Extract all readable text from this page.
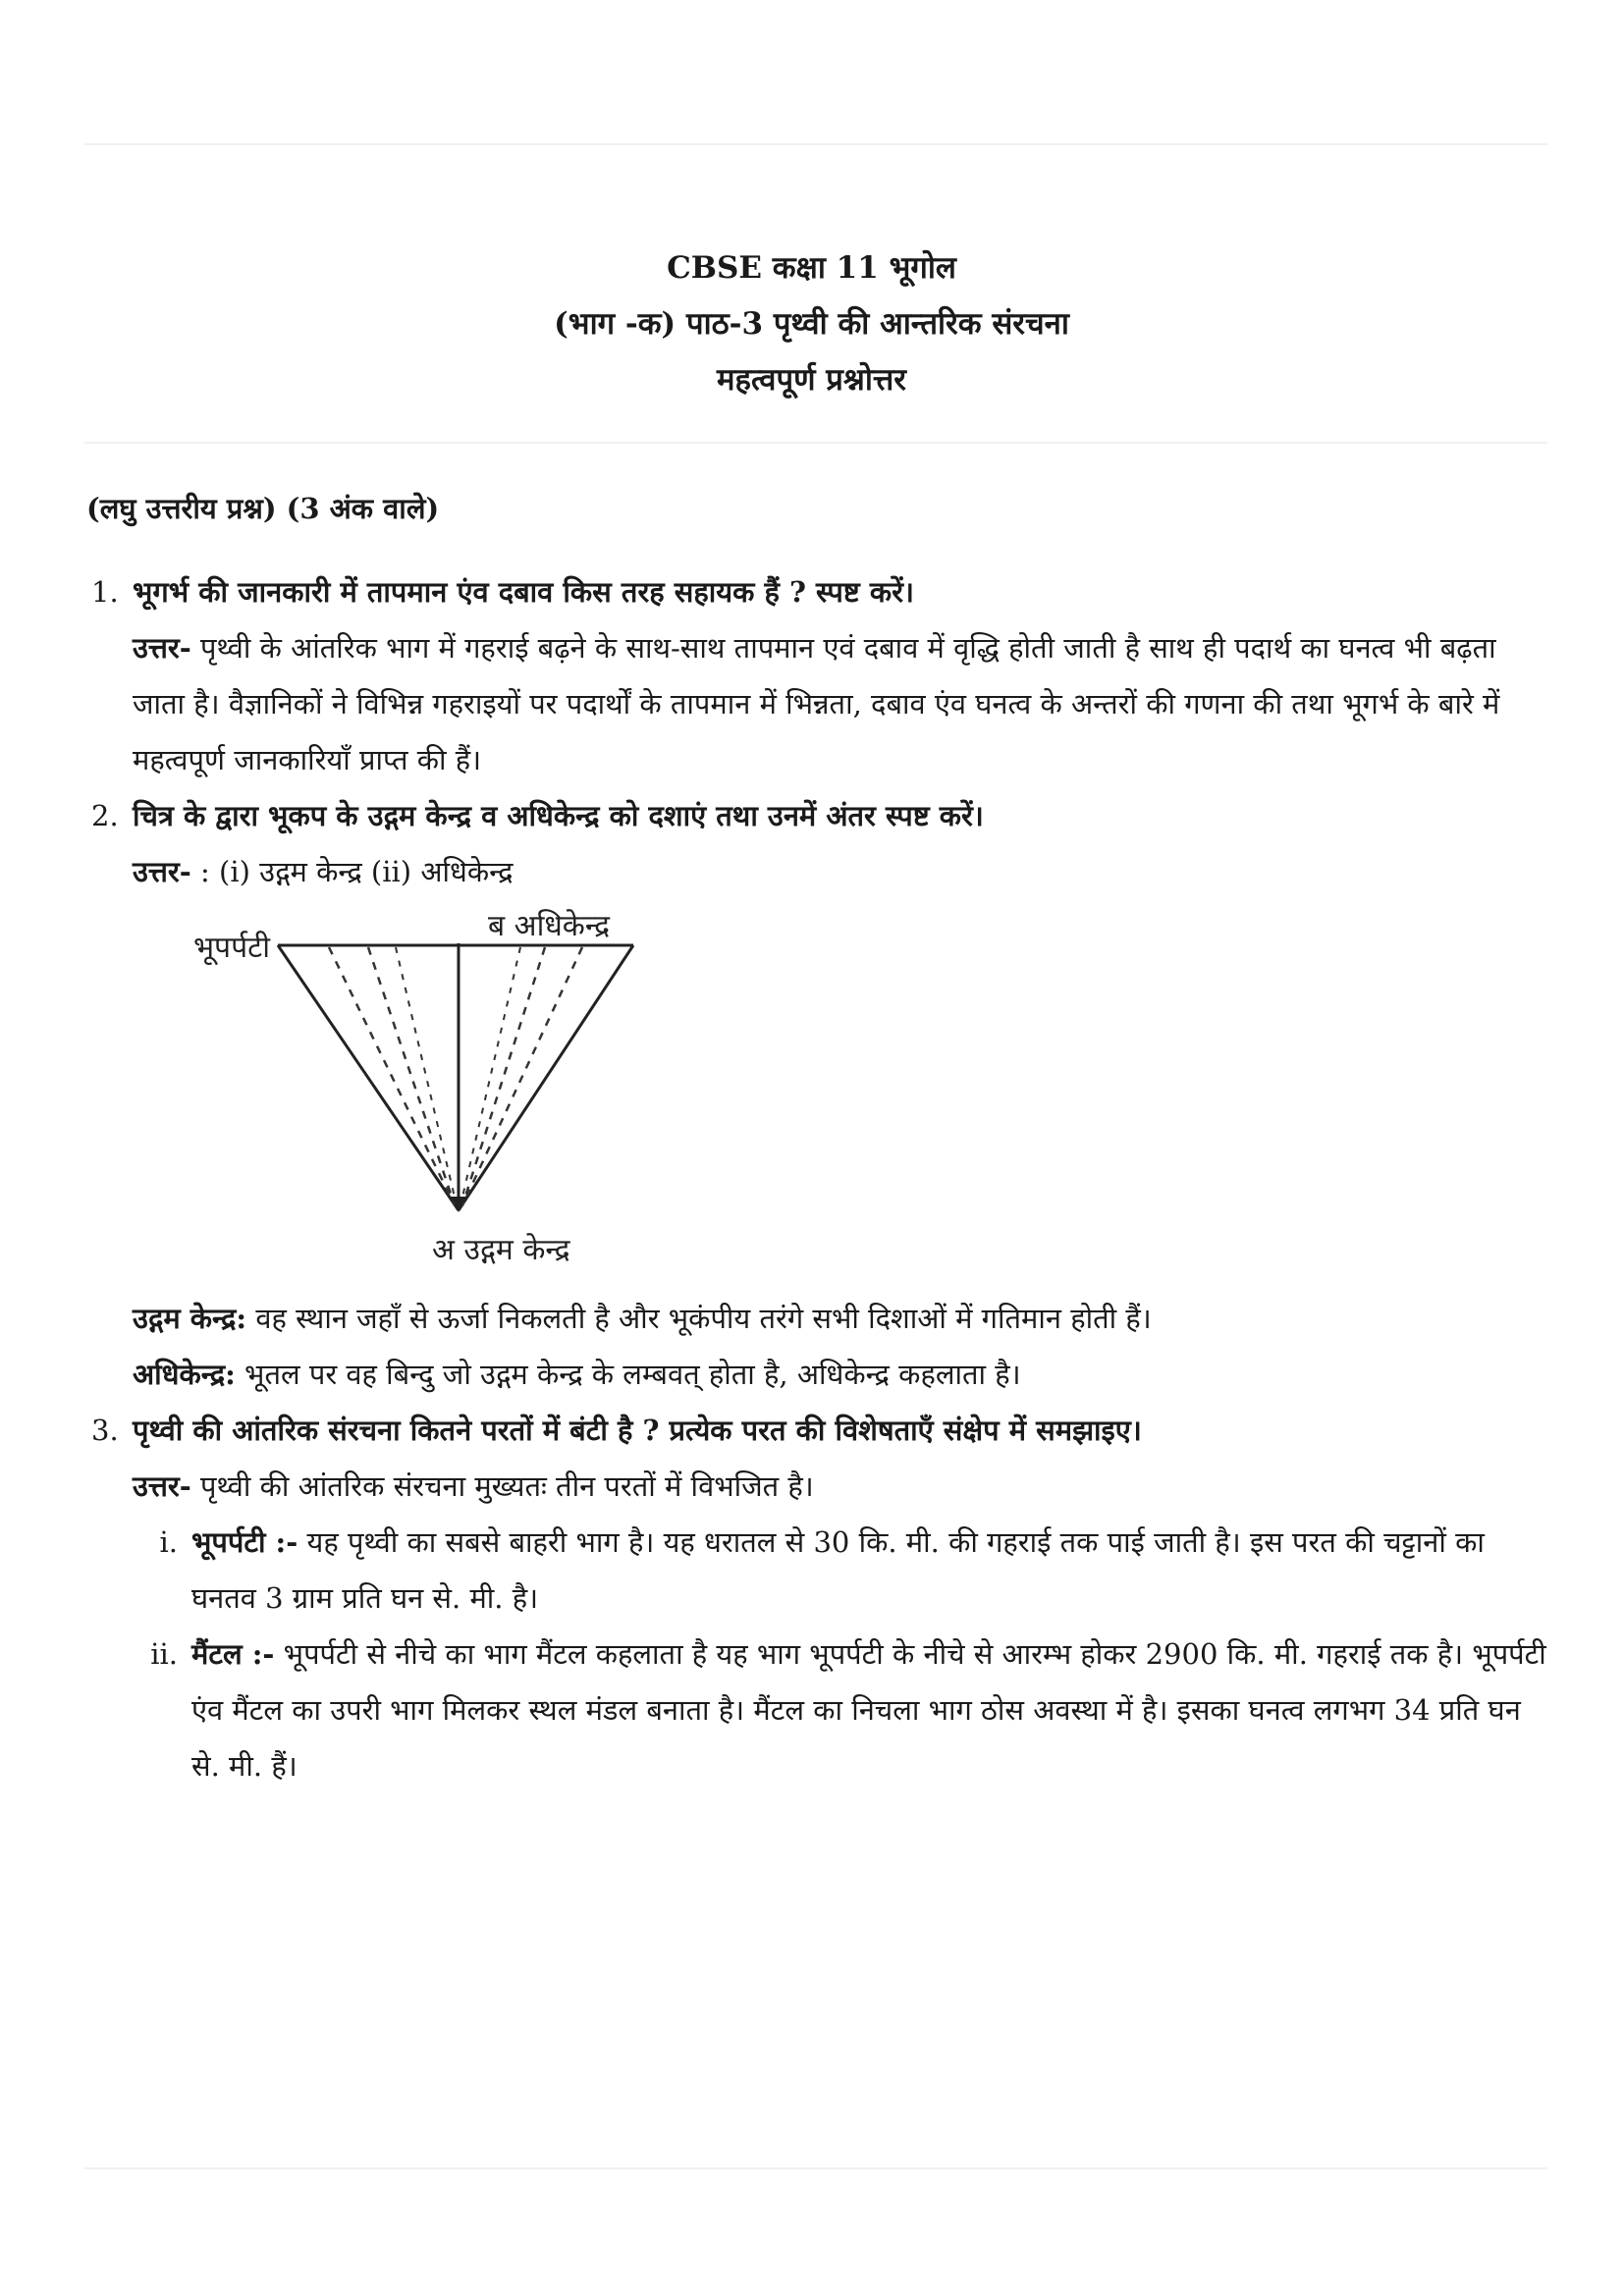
CBSE कक्षा 11 भूगोल
(भाग -क) पाठ-3 पृथ्वी की आन्तरिक संरचना
महत्वपूर्ण प्रश्नोत्तर
(लघु उत्तरीय प्रश्न) (3 अंक वाले)
1. भूगर्भ की जानकारी में तापमान एंव दबाव किस तरह सहायक हैं ? स्पष्ट करें।
उत्तर- पृथ्वी के आंतरिक भाग में गहराई बढ़ने के साथ-साथ तापमान एवं दबाव में वृद्धि होती जाती है साथ ही पदार्थ का घनत्व भी बढ़ता जाता है। वैज्ञानिकों ने विभिन्न गहराइयों पर पदार्थों के तापमान में भिन्नता, दबाव एंव घनत्व के अन्तरों की गणना की तथा भूगर्भ के बारे में महत्वपूर्ण जानकारियाँ प्राप्त की हैं।
2. चित्र के द्वारा भूकप के उद्गम केन्द्र व अधिकेन्द्र को दशाएं तथा उनमें अंतर स्पष्ट करें।
उत्तर- : (i) उद्गम केन्द्र (ii) अधिकेन्द्र
भूपर्पटी
ब अधिकेन्द्र
अ उद्गम केन्द्र
उद्गम केन्द्र: वह स्थान जहाँ से ऊर्जा निकलती है और भूकंपीय तरंगे सभी दिशाओं में गतिमान होती हैं।
अधिकेन्द्र: भूतल पर वह बिन्दु जो उद्गम केन्द्र के लम्बवत् होता है, अधिकेन्द्र कहलाता है।
3. पृथ्वी की आंतरिक संरचना कितने परतों में बंटी है ? प्रत्येक परत की विशेषताएँ संक्षेप में समझाइए।
उत्तर- पृथ्वी की आंतरिक संरचना मुख्यतः तीन परतों में विभजित है।
i. भूपर्पटी :- यह पृथ्वी का सबसे बाहरी भाग है। यह धरातल से 30 कि. मी. की गहराई तक पाई जाती है। इस परत की चट्टानों का घनतव 3 ग्राम प्रति घन से. मी. है।
ii. मैंटल :- भूपर्पटी से नीचे का भाग मैंटल कहलाता है यह भाग भूपर्पटी के नीचे से आरम्भ होकर 2900 कि. मी. गहराई तक है। भूपर्पटी एंव मैंटल का उपरी भाग मिलकर स्थल मंडल बनाता है। मैंटल का निचला भाग ठोस अवस्था में है। इसका घनत्व लगभग 34 प्रति घन से. मी. हैं।
